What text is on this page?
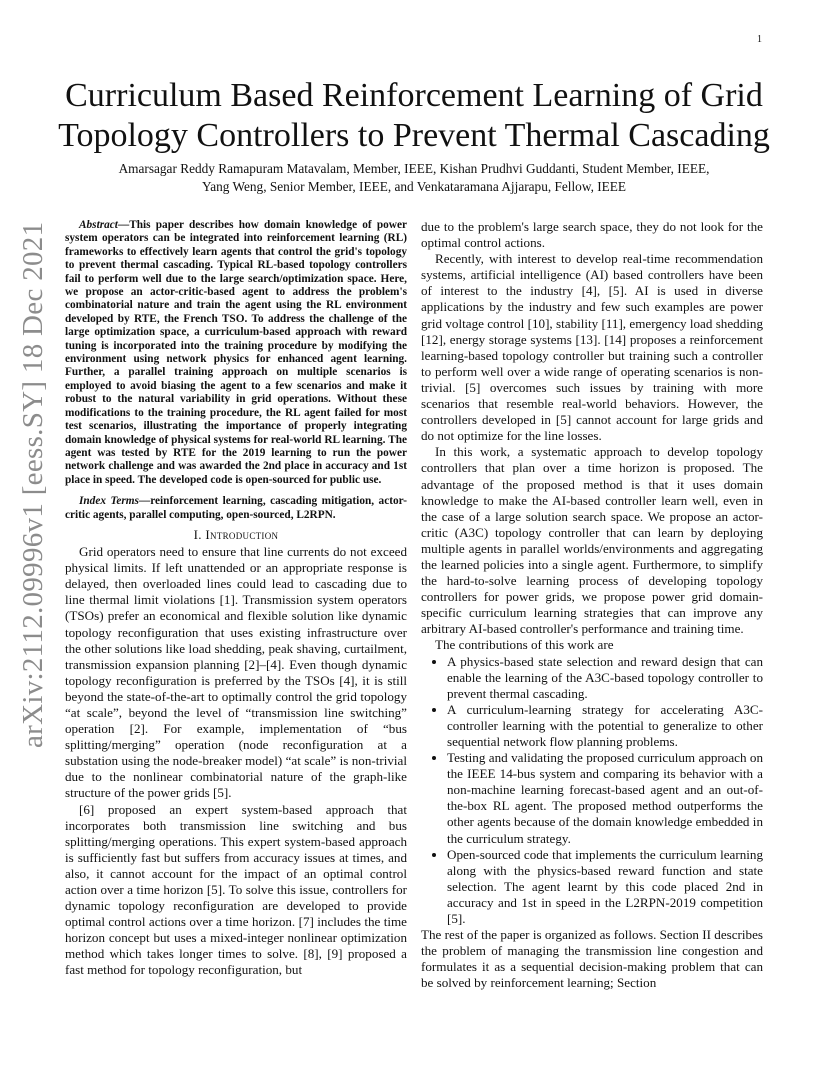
1
arXiv:2112.09996v1 [eess.SY] 18 Dec 2021
Curriculum Based Reinforcement Learning of Grid Topology Controllers to Prevent Thermal Cascading
Amarsagar Reddy Ramapuram Matavalam, Member, IEEE, Kishan Prudhvi Guddanti, Student Member, IEEE,
Yang Weng, Senior Member, IEEE, and Venkataramana Ajjarapu, Fellow, IEEE

Abstract—This paper describes how domain knowledge of power system operators can be integrated into reinforcement learning (RL) frameworks to effectively learn agents that control the grid's topology to prevent thermal cascading. Typical RL-based topology controllers fail to perform well due to the large search/optimization space. Here, we propose an actor-critic-based agent to address the problem's combinatorial nature and train the agent using the RL environment developed by RTE, the French TSO. To address the challenge of the large optimization space, a curriculum-based approach with reward tuning is incorporated into the training procedure by modifying the environment using network physics for enhanced agent learning. Further, a parallel training approach on multiple scenarios is employed to avoid biasing the agent to a few scenarios and make it robust to the natural variability in grid operations. Without these modifications to the training procedure, the RL agent failed for most test scenarios, illustrating the importance of properly integrating domain knowledge of physical systems for real-world RL learning. The agent was tested by RTE for the 2019 learning to run the power network challenge and was awarded the 2nd place in accuracy and 1st place in speed. The developed code is open-sourced for public use.

Index Terms—reinforcement learning, cascading mitigation, actor-critic agents, parallel computing, open-sourced, L2RPN.

I. Introduction

Grid operators need to ensure that line currents do not exceed physical limits. If left unattended or an appropriate response is delayed, then overloaded lines could lead to cascading due to line thermal limit violations [1]. Transmission system operators (TSOs) prefer an economical and flexible solution like dynamic topology reconfiguration that uses existing infrastructure over the other solutions like load shedding, peak shaving, curtailment, transmission expansion planning [2]–[4]. Even though dynamic topology reconfiguration is preferred by the TSOs [4], it is still beyond the state-of-the-art to optimally control the grid topology “at scale”, beyond the level of “transmission line switching” operation [2]. For example, implementation of “bus splitting/merging” operation (node reconfiguration at a substation using the node-breaker model) “at scale” is non-trivial due to the nonlinear combinatorial nature of the graph-like structure of the power grids [5].

[6] proposed an expert system-based approach that incorporates both transmission line switching and bus splitting/merging operations. This expert system-based approach is sufficiently fast but suffers from accuracy issues at times, and also, it cannot account for the impact of an optimal control action over a time horizon [5]. To solve this issue, controllers for dynamic topology reconfiguration are developed to provide optimal control actions over a time horizon. [7] includes the time horizon concept but uses a mixed-integer nonlinear optimization method which takes longer times to solve. [8], [9] proposed a fast method for topology reconfiguration, but

due to the problem's large search space, they do not look for the optimal control actions.

Recently, with interest to develop real-time recommendation systems, artificial intelligence (AI) based controllers have been of interest to the industry [4], [5]. AI is used in diverse applications by the industry and few such examples are power grid voltage control [10], stability [11], emergency load shedding [12], energy storage systems [13]. [14] proposes a reinforcement learning-based topology controller but training such a controller to perform well over a wide range of operating scenarios is non-trivial. [5] overcomes such issues by training with more scenarios that resemble real-world behaviors. However, the controllers developed in [5] cannot account for large grids and do not optimize for the line losses.

In this work, a systematic approach to develop topology controllers that plan over a time horizon is proposed. The advantage of the proposed method is that it uses domain knowledge to make the AI-based controller learn well, even in the case of a large solution search space. We propose an actor-critic (A3C) topology controller that can learn by deploying multiple agents in parallel worlds/environments and aggregating the learned policies into a single agent. Furthermore, to simplify the hard-to-solve learning process of developing topology controllers for power grids, we propose power grid domain-specific curriculum learning strategies that can improve any arbitrary AI-based controller's performance and training time.

The contributions of this work are

• A physics-based state selection and reward design that can enable the learning of the A3C-based topology controller to prevent thermal cascading.
• A curriculum-learning strategy for accelerating A3C-controller learning with the potential to generalize to other sequential network flow planning problems.
• Testing and validating the proposed curriculum approach on the IEEE 14-bus system and comparing its behavior with a non-machine learning forecast-based agent and an out-of-the-box RL agent. The proposed method outperforms the other agents because of the domain knowledge embedded in the curriculum strategy.
• Open-sourced code that implements the curriculum learning along with the physics-based reward function and state selection. The agent learnt by this code placed 2nd in accuracy and 1st in speed in the L2RPN-2019 competition [5].

The rest of the paper is organized as follows. Section II describes the problem of managing the transmission line congestion and formulates it as a sequential decision-making problem that can be solved by reinforcement learning; Section
